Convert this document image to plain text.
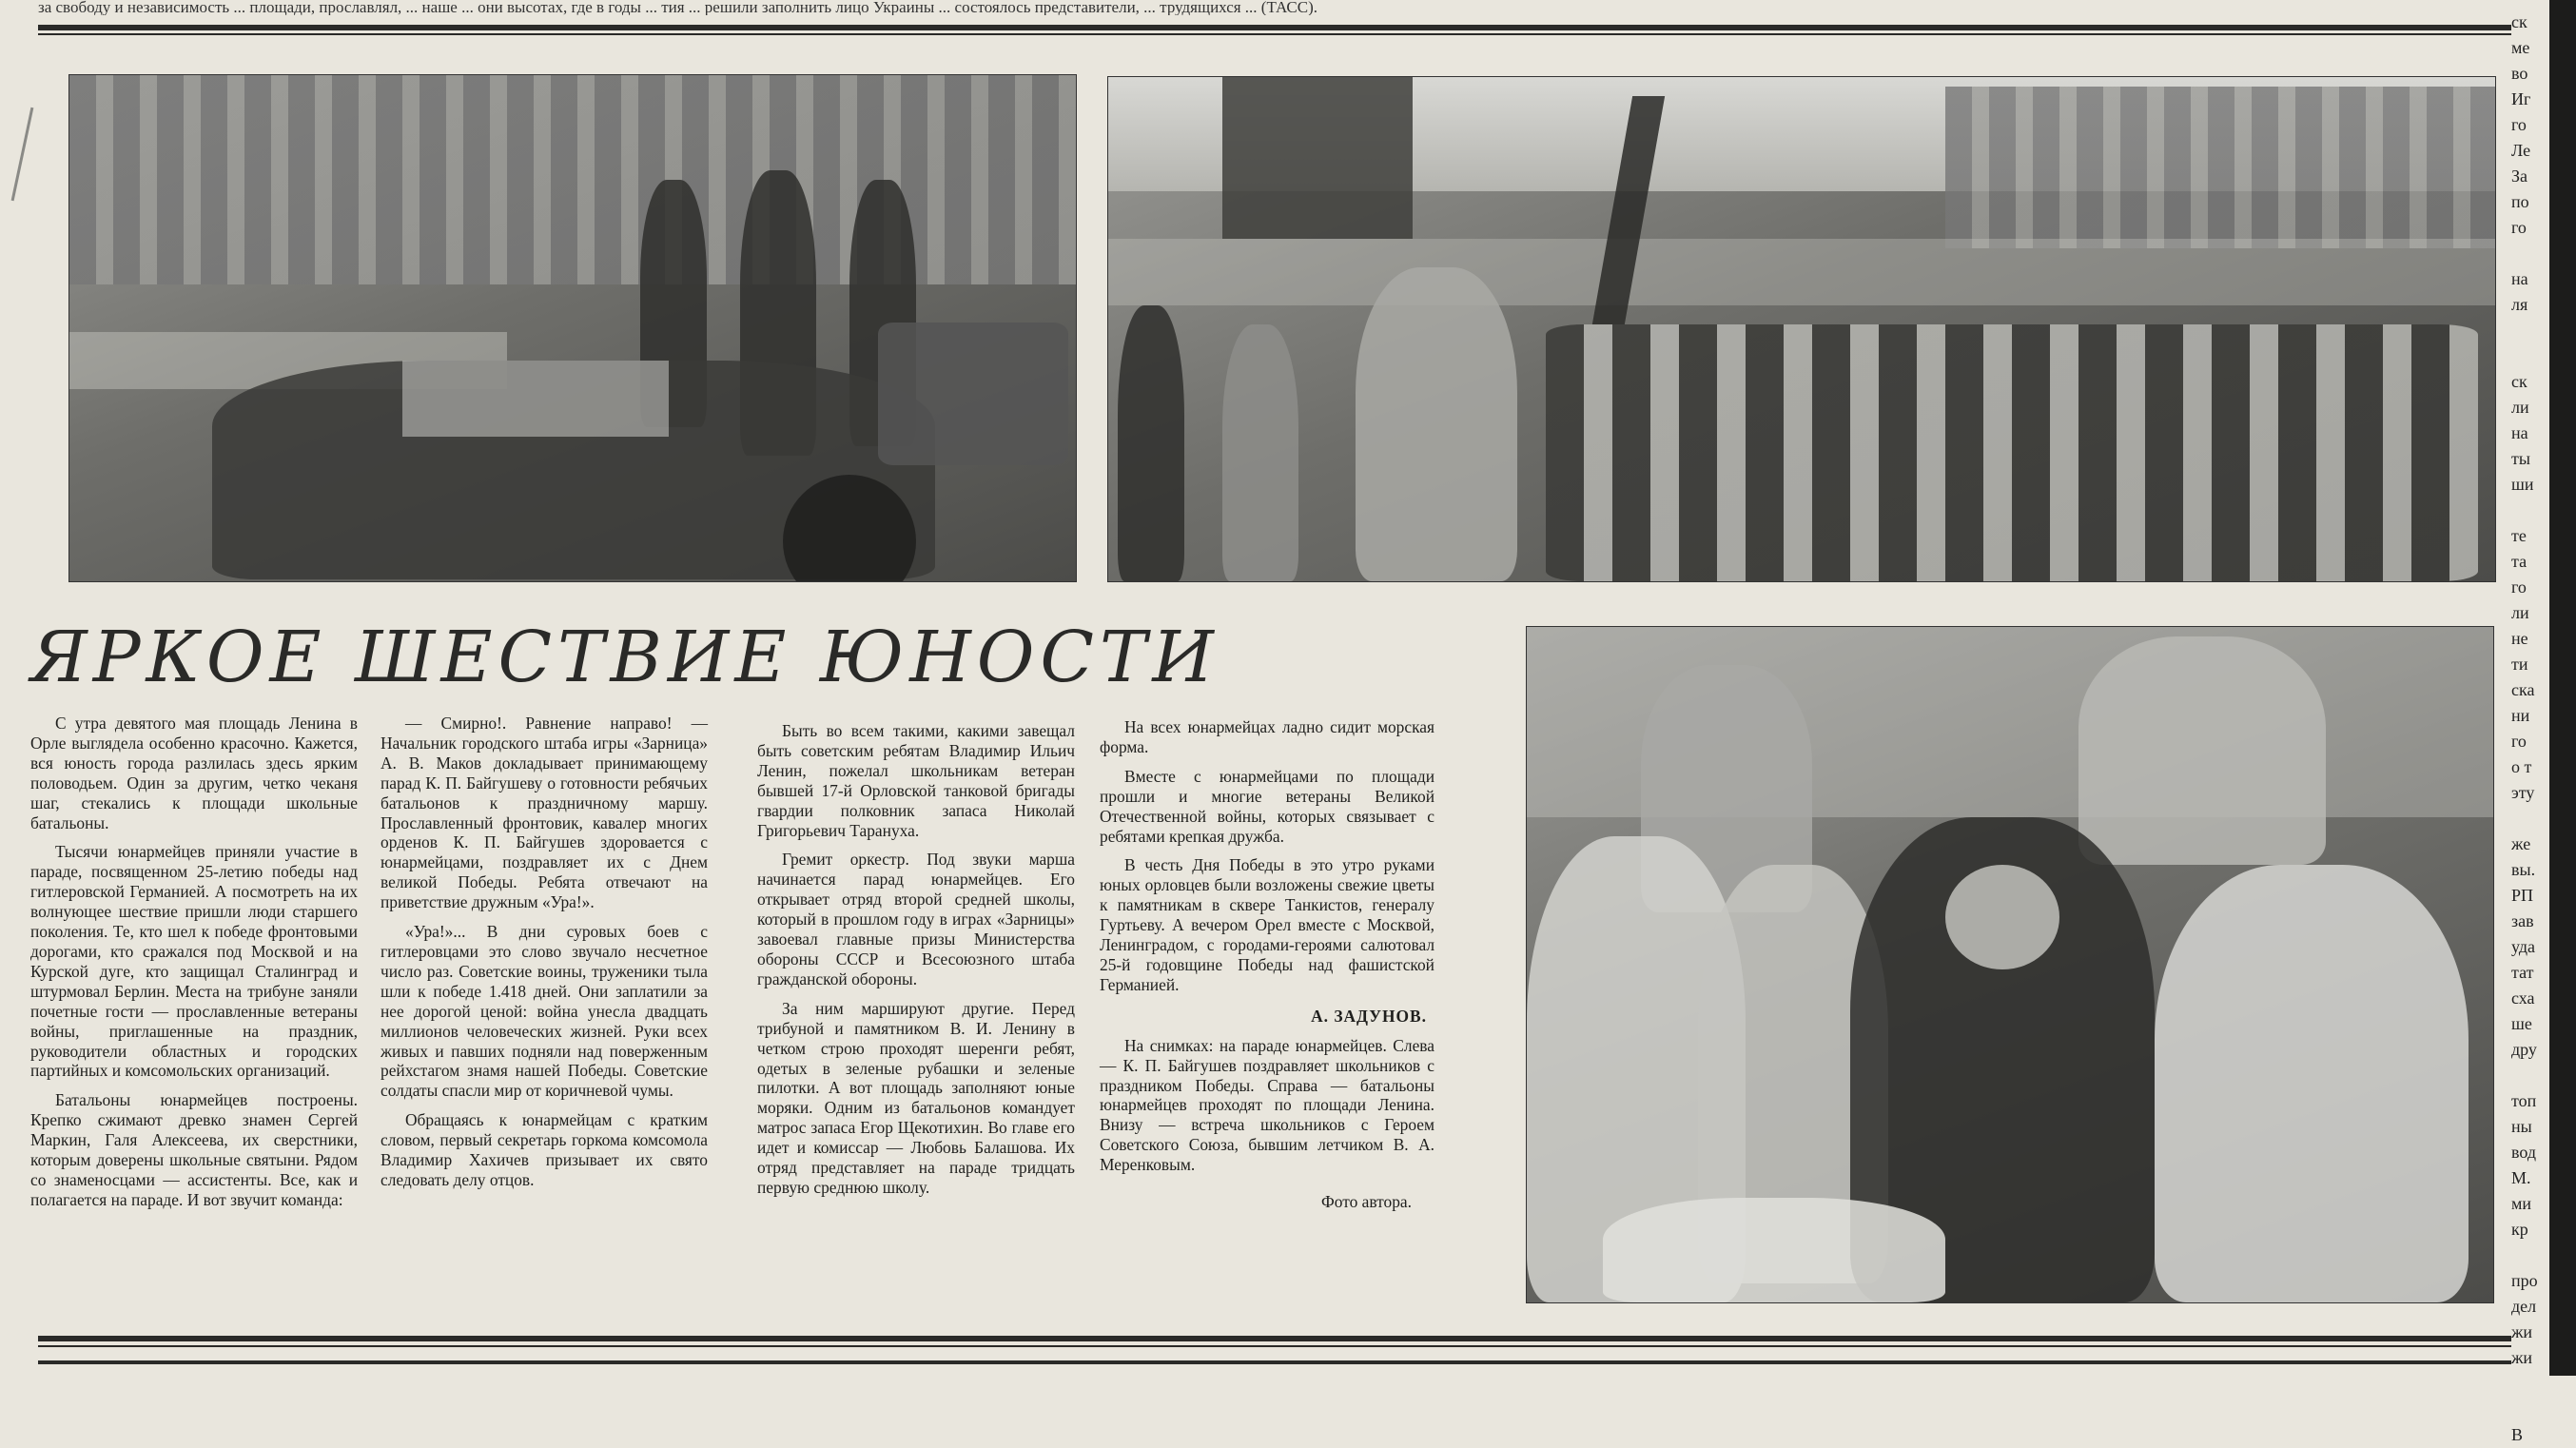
за свободу и независимость ... площади, прославлял, ... наше ... они высотах, где в годы ... тия ... решили заполнить лицо Украины ... состоялось представители, ... трудящихся ... (ТАСС).
ЯРКОЕ ШЕСТВИЕ ЮНОСТИ

С утра девятого мая площадь Ленина в Орле выглядела особенно красочно. Кажется, вся юность города разлилась здесь ярким половодьем. Один за другим, четко чеканя шаг, стекались к площади школьные батальоны.

Тысячи юнармейцев приняли участие в параде, посвященном 25-летию победы над гитлеровской Германией. А посмотреть на их волнующее шествие пришли люди старшего поколения. Те, кто шел к победе фронтовыми дорогами, кто сражался под Москвой и на Курской дуге, кто защищал Сталинград и штурмовал Берлин. Места на трибуне заняли почетные гости — прославленные ветераны войны, приглашенные на праздник, руководители областных и городских партийных и комсомольских организаций.

Батальоны юнармейцев построены. Крепко сжимают древко знамен Сергей Маркин, Галя Алексеева, их сверстники, которым доверены школьные святыни. Рядом со знаменосцами — ассистенты. Все, как и полагается на параде. И вот звучит команда:

— Смирно!. Равнение направо! — Начальник городского штаба игры «Зарница» А. В. Маков докладывает принимающему парад К. П. Байгушеву о готовности ребячьих батальонов к праздничному маршу. Прославленный фронтовик, кавалер многих орденов К. П. Байгушев здоровается с юнармейцами, поздравляет их с Днем великой Победы. Ребята отвечают на приветствие дружным «Ура!».

«Ура!»... В дни суровых боев с гитлеровцами это слово звучало несчетное число раз. Советские воины, труженики тыла шли к победе 1.418 дней. Они заплатили за нее дорогой ценой: война унесла двадцать миллионов человеческих жизней. Руки всех живых и павших подняли над поверженным рейхстагом знамя нашей Победы. Советские солдаты спасли мир от коричневой чумы.

Обращаясь к юнармейцам с кратким словом, первый секретарь горкома комсомола Владимир Хахичев призывает их свято следовать делу отцов.

Быть во всем такими, какими завещал быть советским ребятам Владимир Ильич Ленин, пожелал школьникам ветеран бывшей 17-й Орловской танковой бригады гвардии полковник запаса Николай Григорьевич Тарануха.

Гремит оркестр. Под звуки марша начинается парад юнармейцев. Его открывает отряд второй средней школы, который в прошлом году в играх «Зарницы» завоевал главные призы Министерства обороны СССР и Всесоюзного штаба гражданской обороны.

За ним маршируют другие. Перед трибуной и памятником В. И. Ленину в четком строю проходят шеренги ребят, одетых в зеленые рубашки и зеленые пилотки. А вот площадь заполняют юные моряки. Одним из батальонов командует матрос запаса Егор Щекотихин. Во главе его идет и комиссар — Любовь Балашова. Их отряд представляет на параде тридцать первую среднюю школу.

На всех юнармейцах ладно сидит морская форма.

Вместе с юнармейцами по площади прошли и многие ветераны Великой Отечественной войны, которых связывает с ребятами крепкая дружба.

В честь Дня Победы в это утро руками юных орловцев были возложены свежие цветы к памятникам в сквере Танкистов, генералу Гуртьеву. А вечером Орел вместе с Москвой, Ленинградом, с городами-героями салютовал 25-й годовщине Победы над фашистской Германией.

А. ЗАДУНОВ.

На снимках: на параде юнармейцев. Слева — К. П. Байгушев поздравляет школьников с праздником Победы. Справа — батальоны юнармейцев проходят по площади Ленина. Внизу — встреча школьников с Героем Советского Союза, бывшим летчиком В. А. Меренковым.

Фото автора.
ск
ме
во
Иг
го
Ле
За
по
го

на
ля

ск
ли
на
ты
ши

те
та
го
ли
не
ти
ска
ни
го
о т
эту

же
вы.
РП
зав
уда
тат
сха
ше
дру

топ
ны
вод
М.
ми
кр

про
дел
жи
жи

В
